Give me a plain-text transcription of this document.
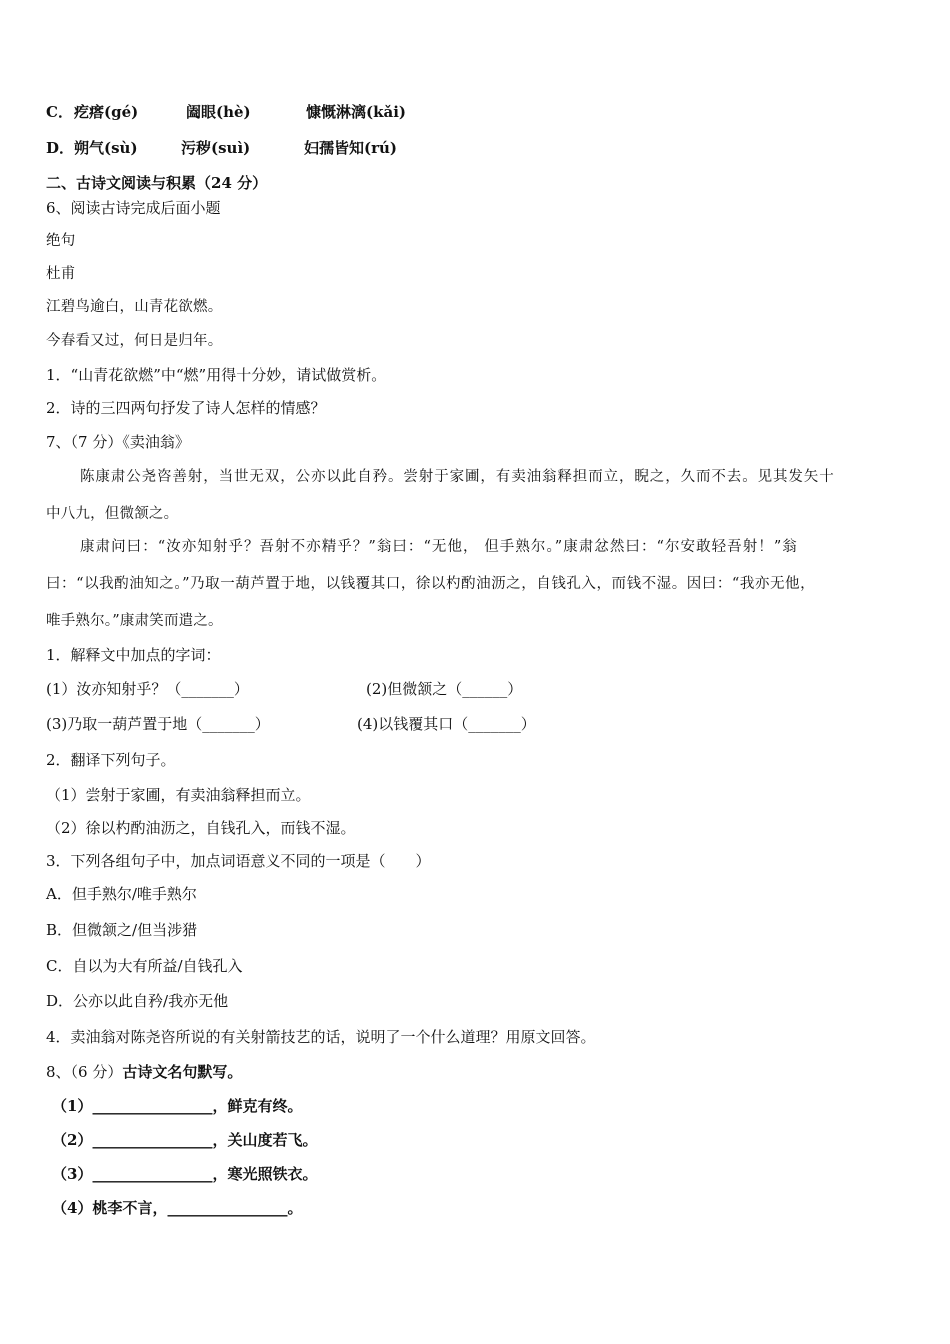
C． 疙瘩(gé)	阖眼(hè)	慷慨淋漓(kǎi)
D． 朔气(sù)	污秽(suì)	妇孺皆知(rú)
二、古诗文阅读与积累（24 分）
6、阅读古诗完成后面小题
绝句
杜甫
江碧鸟逾白，山青花欲燃。
今春看又过，何日是归年。
1．“山青花欲燃”中“燃”用得十分妙，请试做赏析。
2．诗的三四两句抒发了诗人怎样的情感？
7、（7 分）《卖油翁》
陈康肃公尧咨善射，当世无双，公亦以此自矜。尝射于家圃，有卖油翁释担而立，睨之，久而不去。见其发矢十
中八九，但微颔之。
康肃问曰：“汝亦知射乎？吾射不亦精乎？”翁曰：“无他， 但手熟尔。”康肃忿然曰：“尔安敢轻吾射！”翁
曰：“以我酌油知之。”乃取一葫芦置于地，以钱覆其口，徐以杓酌油沥之，自钱孔入，而钱不湿。因曰：“我亦无他，
唯手熟尔。”康肃笑而遣之。
1．解释文中加点的字词：
(1）汝亦知射乎？（_______）	(2)但微颔之（______）
(3)乃取一葫芦置于地（_______）	(4)以钱覆其口（_______）
2．翻译下列句子。
（1）尝射于家圃，有卖油翁释担而立。
（2）徐以杓酌油沥之，自钱孔入，而钱不湿。
3．下列各组句子中，加点词语意义不同的一项是（　　）
A．但手熟尔/唯手熟尔
B．但微颔之/但当涉猎
C．自以为大有所益/自钱孔入
D．公亦以此自矜/我亦无他
4．卖油翁对陈尧咨所说的有关射箭技艺的话，说明了一个什么道理？用原文回答。
8、（6 分）古诗文名句默写。
（1）________________，鲜克有终。
（2）________________，关山度若飞。
（3）________________，寒光照铁衣。
（4）桃李不言，________________。
